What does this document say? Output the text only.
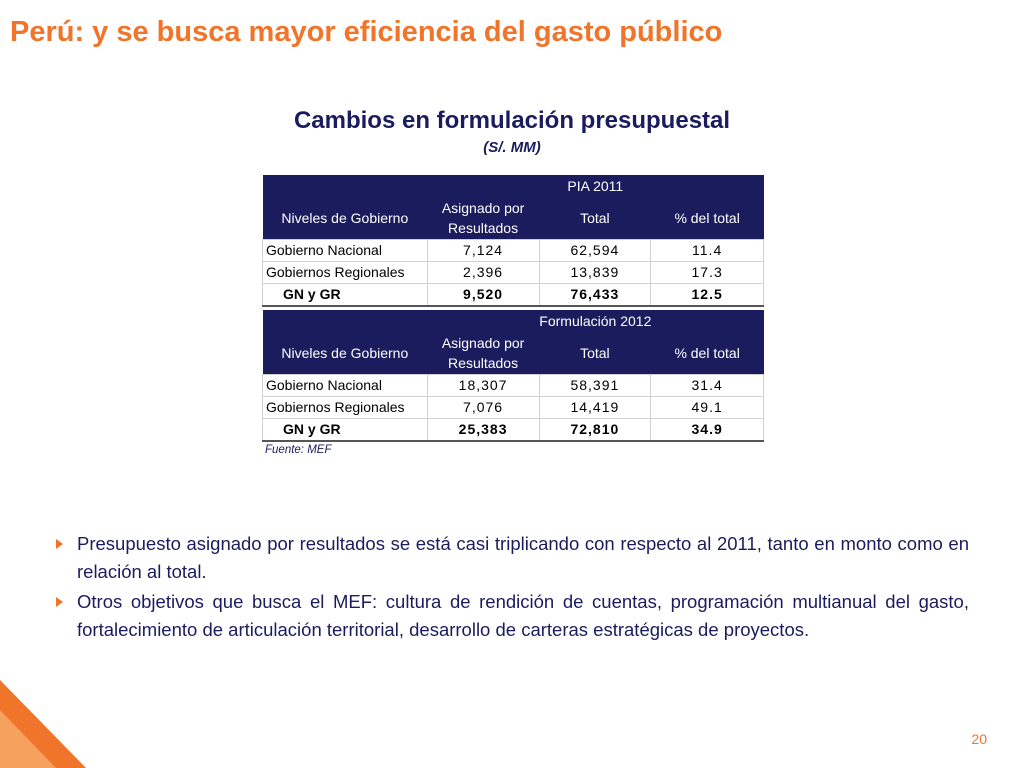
Perú: y se busca mayor eficiencia del gasto público
Cambios en formulación presupuestal
(S/. MM)
	PIA 2011		
Niveles de Gobierno	Asignado por Resultados	Total	% del total
Gobierno Nacional	7,124	62,594	11.4
Gobiernos Regionales	2,396	13,839	17.3
GN y GR	9,520	76,433	12.5
	Formulación 2012		
Niveles de Gobierno	Asignado por Resultados	Total	% del total
Gobierno Nacional	18,307	58,391	31.4
Gobiernos Regionales	7,076	14,419	49.1
GN y GR	25,383	72,810	34.9
Fuente: MEF
Presupuesto asignado por resultados se está casi triplicando con respecto al 2011, tanto en monto como en relación al total.
Otros objetivos que busca el MEF: cultura de rendición de cuentas, programación multianual del gasto, fortalecimiento de articulación territorial, desarrollo de carteras estratégicas de proyectos.
20
